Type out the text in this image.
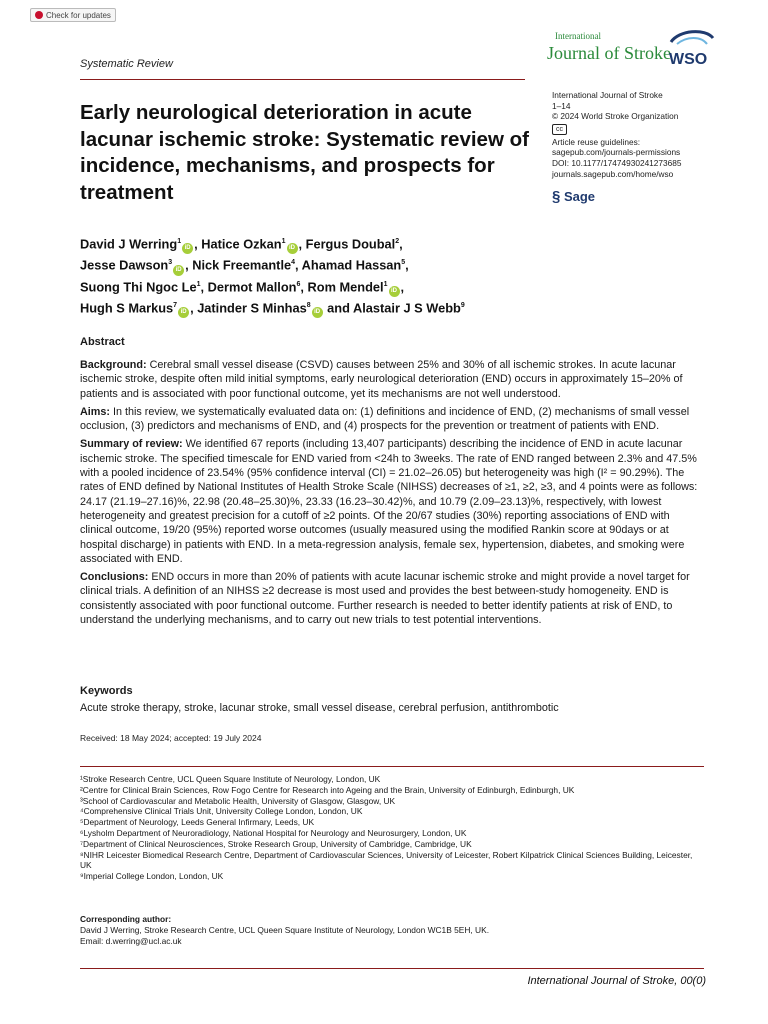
Check for updates
Systematic Review
International
Journal of Stroke
WSO
Early neurological deterioration in acute lacunar ischemic stroke: Systematic review of incidence, mechanisms, and prospects for treatment
International Journal of Stroke
1–14
© 2024 World Stroke Organization
cc
Article reuse guidelines:
sagepub.com/journals-permissions
DOI: 10.1177/17474930241273685
journals.sagepub.com/home/wso
§ Sage
David J Werring$^1$iD , Hatice Ozkan$^1$iD , Fergus Doubal$^2$,
Jesse Dawson$^3$iD , Nick Freemantle$^4$, Ahamad Hassan$^5$,
Suong Thi Ngoc Le$^1$, Dermot Mallon$^6$, Rom Mendel$^1$iD ,
Hugh S Markus$^7$iD , Jatinder S Minhas$^8$iD and Alastair J S Webb$^9$
Abstract

Background: Cerebral small vessel disease (CSVD) causes between 25% and 30% of all ischemic strokes. In acute lacunar ischemic stroke, despite often mild initial symptoms, early neurological deterioration (END) occurs in approximately 15–20% of patients and is associated with poor functional outcome, yet its mechanisms are not well understood.

Aims: In this review, we systematically evaluated data on: (1) definitions and incidence of END, (2) mechanisms of small vessel occlusion, (3) predictors and mechanisms of END, and (4) prospects for the prevention or treatment of patients with END.

Summary of review: We identified 67 reports (including 13,407 participants) describing the incidence of END in acute lacunar ischemic stroke. The specified timescale for END varied from <24h to 3weeks. The rate of END ranged between 2.3% and 47.5% with a pooled incidence of 23.54% (95% confidence interval (CI) = 21.02–26.05) but heterogeneity was high (I² = 90.29%). The rates of END defined by National Institutes of Health Stroke Scale (NIHSS) decreases of ≥1, ≥2, ≥3, and 4 points were as follows: 24.17 (21.19–27.16)%, 22.98 (20.48–25.30)%, 23.33 (16.23–30.42)%, and 10.79 (2.09–23.13)%, respectively, with lowest heterogeneity and greatest precision for a cutoff of ≥2 points. Of the 20/67 studies (30%) reporting associations of END with clinical outcome, 19/20 (95%) reported worse outcomes (usually measured using the modified Rankin score at 90days or at hospital discharge) in patients with END. In a meta-regression analysis, female sex, hypertension, diabetes, and smoking were associated with END.

Conclusions: END occurs in more than 20% of patients with acute lacunar ischemic stroke and might provide a novel target for clinical trials. A definition of an NIHSS ≥2 decrease is most used and provides the best between-study homogeneity. END is consistently associated with poor functional outcome. Further research is needed to better identify patients at risk of END, to understand the underlying mechanisms, and to carry out new trials to test potential interventions.

Keywords
Acute stroke therapy, stroke, lacunar stroke, small vessel disease, cerebral perfusion, antithrombotic
Received: 18 May 2024; accepted: 19 July 2024
¹Stroke Research Centre, UCL Queen Square Institute of Neurology, London, UK
²Centre for Clinical Brain Sciences, Row Fogo Centre for Research into Ageing and the Brain, University of Edinburgh, Edinburgh, UK
³School of Cardiovascular and Metabolic Health, University of Glasgow, Glasgow, UK
⁴Comprehensive Clinical Trials Unit, University College London, London, UK
⁵Department of Neurology, Leeds General Infirmary, Leeds, UK
⁶Lysholm Department of Neuroradiology, National Hospital for Neurology and Neurosurgery, London, UK
⁷Department of Clinical Neurosciences, Stroke Research Group, University of Cambridge, Cambridge, UK
⁸NIHR Leicester Biomedical Research Centre, Department of Cardiovascular Sciences, University of Leicester, Robert Kilpatrick Clinical Sciences Building, Leicester, UK
⁹Imperial College London, London, UK
Corresponding author:
David J Werring, Stroke Research Centre, UCL Queen Square Institute of Neurology, London WC1B 5EH, UK.
Email: d.werring@ucl.ac.uk
International Journal of Stroke, 00(0)
